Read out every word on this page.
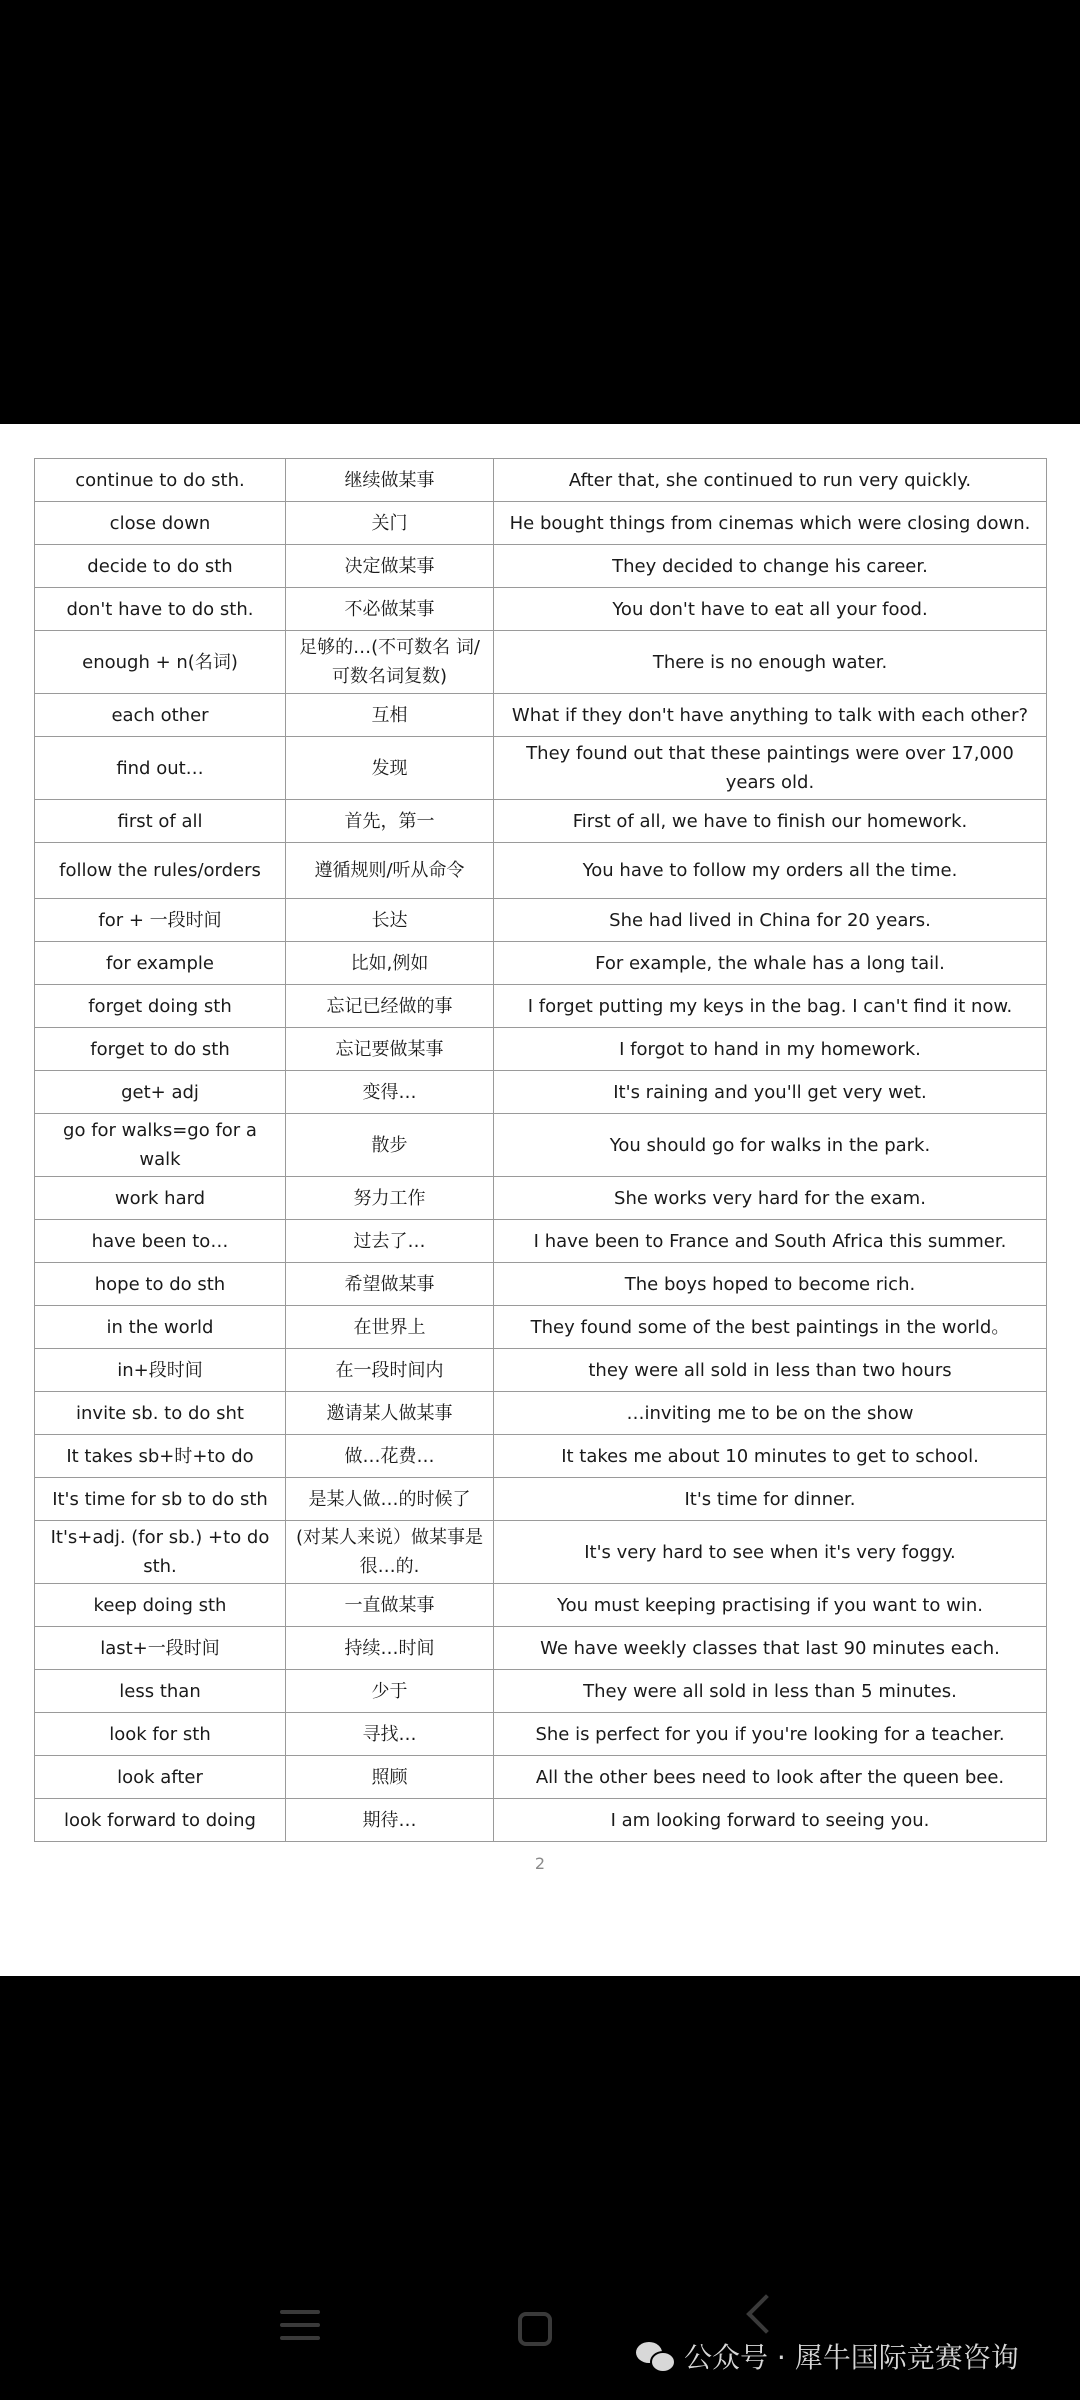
continue to do sth.	继续做某事	After that, she continued to run very quickly.
close down	关门	He bought things from cinemas which were closing down.
decide to do sth	决定做某事	They decided to change his career.
don't have to do sth.	不必做某事	You don't have to eat all your food.
enough + n(名词)	足够的…(不可数名 词/可数名词复数)	There is no enough water.
each other	互相	What if they don't have anything to talk with each other?
find out…	发现	They found out that these paintings were over 17,000 years old.
first of all	首先，第一	First of all, we have to finish our homework.
follow the rules/orders	遵循规则/听从命令	You have to follow my orders all the time.
for + 一段时间	长达	She had lived in China for 20 years.
for example	比如,例如	For example, the whale has a long tail.
forget doing sth	忘记已经做的事	I forget putting my keys in the bag. I can't find it now.
forget to do sth	忘记要做某事	I forgot to hand in my homework.
get+ adj	变得…	It's raining and you'll get very wet.
go for walks=go for a walk	散步	You should go for walks in the park.
work hard	努力工作	She works very hard for the exam.
have been to…	过去了…	I have been to France and South Africa this summer.
hope to do sth	希望做某事	The boys hoped to become rich.
in the world	在世界上	They found some of the best paintings in the world。
in+段时间	在一段时间内	they were all sold in less than two hours
invite sb. to do sht	邀请某人做某事	…inviting me to be on the show
It takes sb+时+to do	做…花费…	It takes me about 10 minutes to get to school.
It's time for sb to do sth	是某人做…的时候了	It's time for dinner.
It's+adj. (for sb.) +to do sth.	(对某人来说）做某事是很…的.	It's very hard to see when it's very foggy.
keep doing sth	一直做某事	You must keeping practising if you want to win.
last+一段时间	持续…时间	We have weekly classes that last 90 minutes each.
less than	少于	They were all sold in less than 5 minutes.
look for sth	寻找…	She is perfect for you if you're looking for a teacher.
look after	照顾	All the other bees need to look after the queen bee.
look forward to doing	期待…	I am looking forward to seeing you.
2
公众号 · 犀牛国际竞赛咨询
